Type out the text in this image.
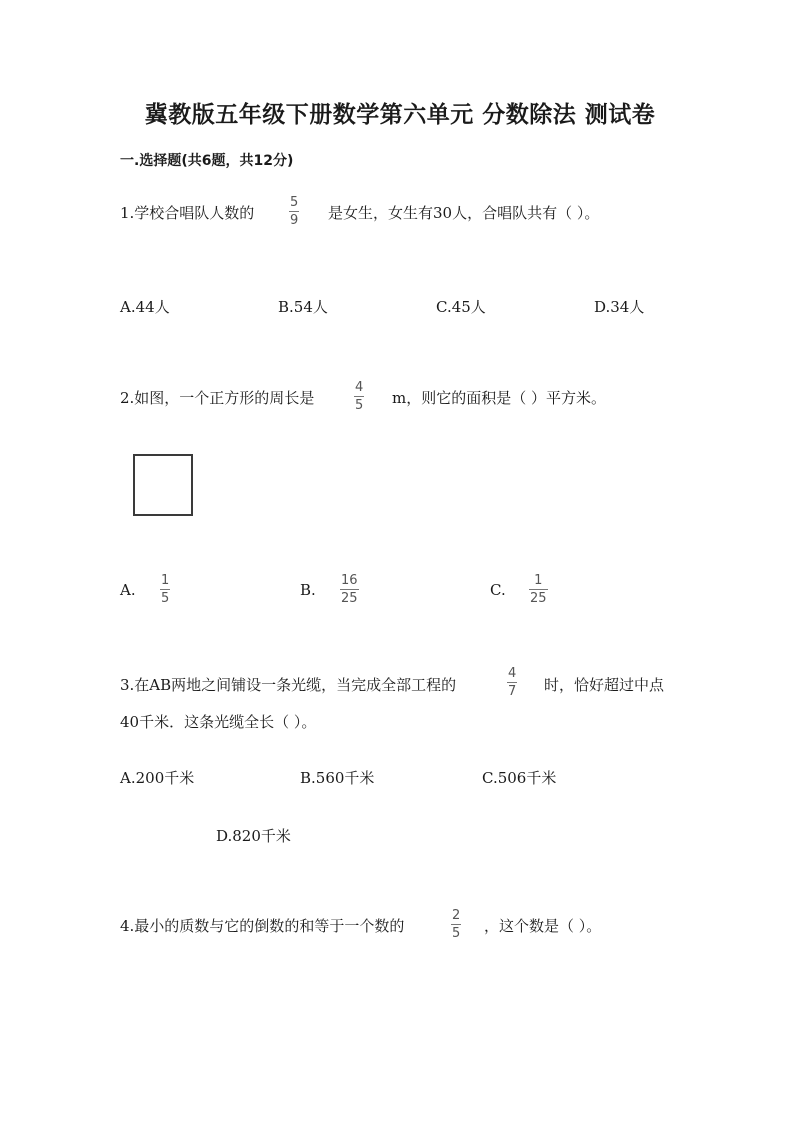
冀教版五年级下册数学第六单元 分数除法 测试卷
一.选择题(共6题，共12分)
1.学校合唱队人数的
5
9 是女生，女生有30人，合唱队共有（ ）。
A.44人	B.54人	C.45人	D.34人
2.如图，一个正方形的周长是
4
5 m，则它的面积是（ ）平方米。
A.
1
5	B.
16
25	C.
1
25
3.在AB两地之间铺设一条光缆，当完成全部工程的
4
7 时，恰好超过中点
40千米．这条光缆全长（ ）。
A.200千米	B.560千米	C.506千米
D.820千米
4.最小的质数与它的倒数的和等于一个数的
2
5 ，这个数是（ ）。
